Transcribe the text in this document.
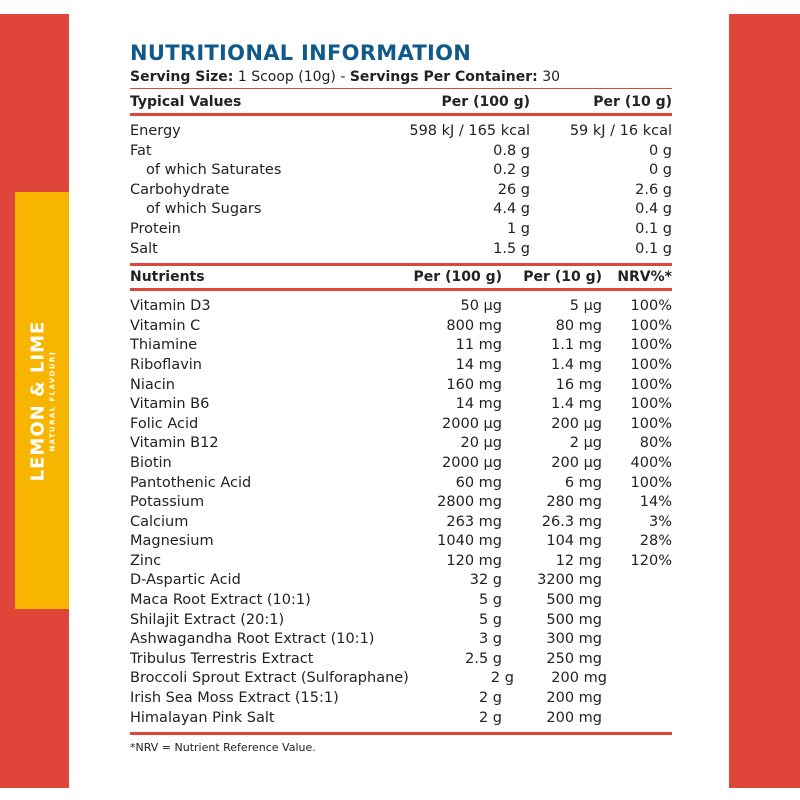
LEMON & LIME NATURAL FLAVOUR†
NUTRITIONAL INFORMATION
Serving Size: 1 Scoop (10g) - Servings Per Container: 30
Typical Values	Per (100 g)	Per (10 g)
Energy	598 kJ / 165 kcal	59 kJ / 16 kcal
Fat	0.8 g	0 g
of which Saturates	0.2 g	0 g
Carbohydrate	26 g	2.6 g
of which Sugars	4.4 g	0.4 g
Protein	1 g	0.1 g
Salt	1.5 g	0.1 g
Nutrients	Per (100 g)	Per (10 g)	NRV%*
Vitamin D3	50 µg	5 µg	100%
Vitamin C	800 mg	80 mg	100%
Thiamine	11 mg	1.1 mg	100%
Riboflavin	14 mg	1.4 mg	100%
Niacin	160 mg	16 mg	100%
Vitamin B6	14 mg	1.4 mg	100%
Folic Acid	2000 µg	200 µg	100%
Vitamin B12	20 µg	2 µg	80%
Biotin	2000 µg	200 µg	400%
Pantothenic Acid	60 mg	6 mg	100%
Potassium	2800 mg	280 mg	14%
Calcium	263 mg	26.3 mg	3%
Magnesium	1040 mg	104 mg	28%
Zinc	120 mg	12 mg	120%
D-Aspartic Acid	32 g	3200 mg
Maca Root Extract (10:1)	5 g	500 mg
Shilajit Extract (20:1)	5 g	500 mg
Ashwagandha Root Extract (10:1)	3 g	300 mg
Tribulus Terrestris Extract	2.5 g	250 mg
Broccoli Sprout Extract (Sulforaphane)	2 g	200 mg
Irish Sea Moss Extract (15:1)	2 g	200 mg
Himalayan Pink Salt	2 g	200 mg
*NRV = Nutrient Reference Value.
